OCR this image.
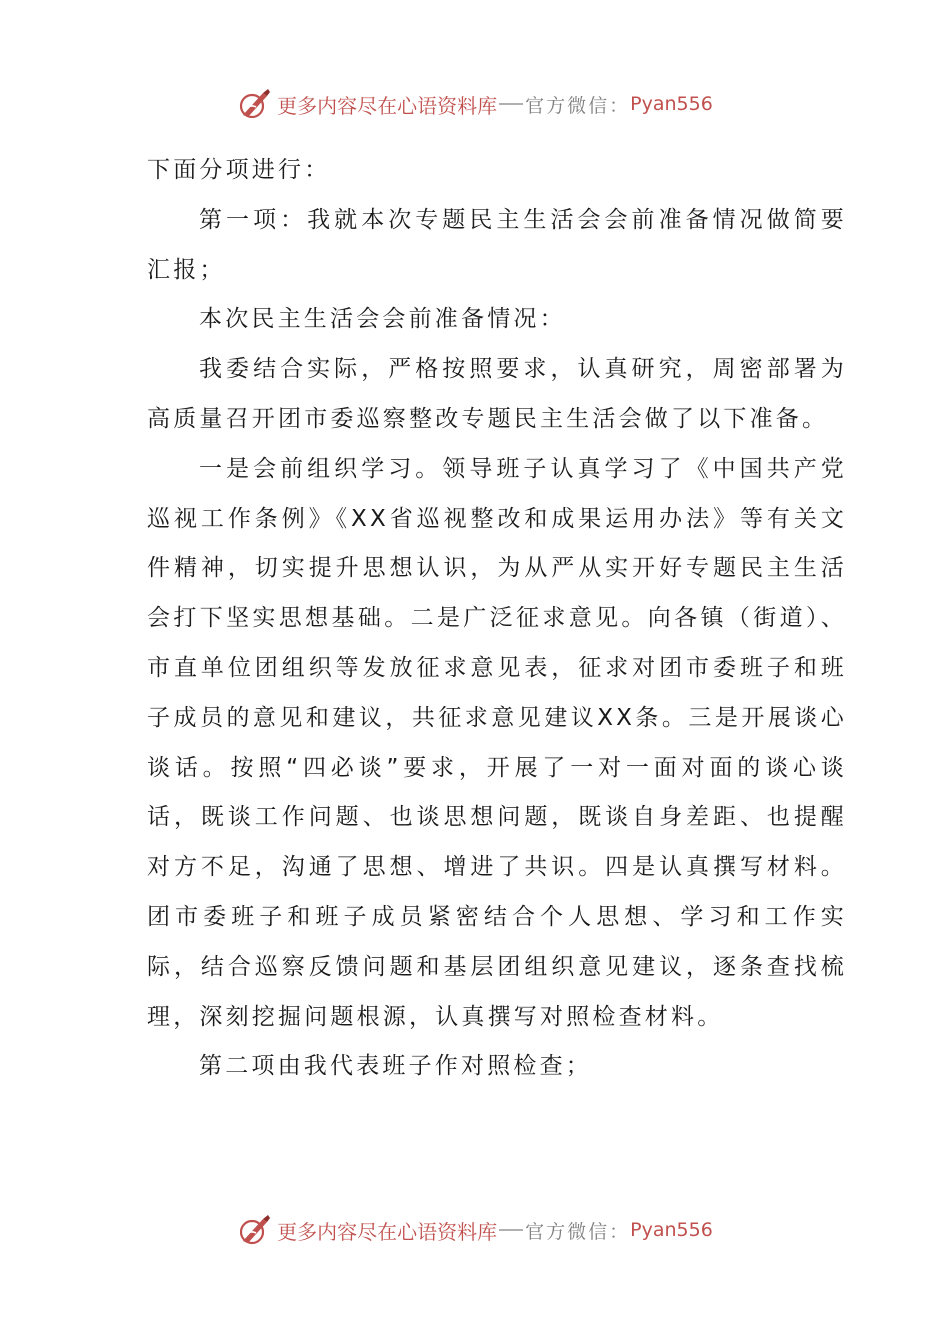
更多内容尽在心语资料库 官方微信： Pyan556

下面分项进行：

第一项：我就本次专题民主生活会会前准备情况做简要汇报；

本次民主生活会会前准备情况：

我委结合实际，严格按照要求，认真研究，周密部署为高质量召开团市委巡察整改专题民主生活会做了以下准备。

一是会前组织学习。领导班子认真学习了《中国共产党巡视工作条例》《XX省巡视整改和成果运用办法》等有关文件精神，切实提升思想认识，为从严从实开好专题民主生活会打下坚实思想基础。二是广泛征求意见。向各镇（街道）、市直单位团组织等发放征求意见表，征求对团市委班子和班子成员的意见和建议，共征求意见建议XX条。三是开展谈心谈话。按照“四必谈”要求，开展了一对一面对面的谈心谈话，既谈工作问题、也谈思想问题，既谈自身差距、也提醒对方不足，沟通了思想、增进了共识。四是认真撰写材料。团市委班子和班子成员紧密结合个人思想、学习和工作实际，结合巡察反馈问题和基层团组织意见建议，逐条查找梳理，深刻挖掘问题根源，认真撰写对照检查材料。

第二项由我代表班子作对照检查；

更多内容尽在心语资料库 官方微信： Pyan556
